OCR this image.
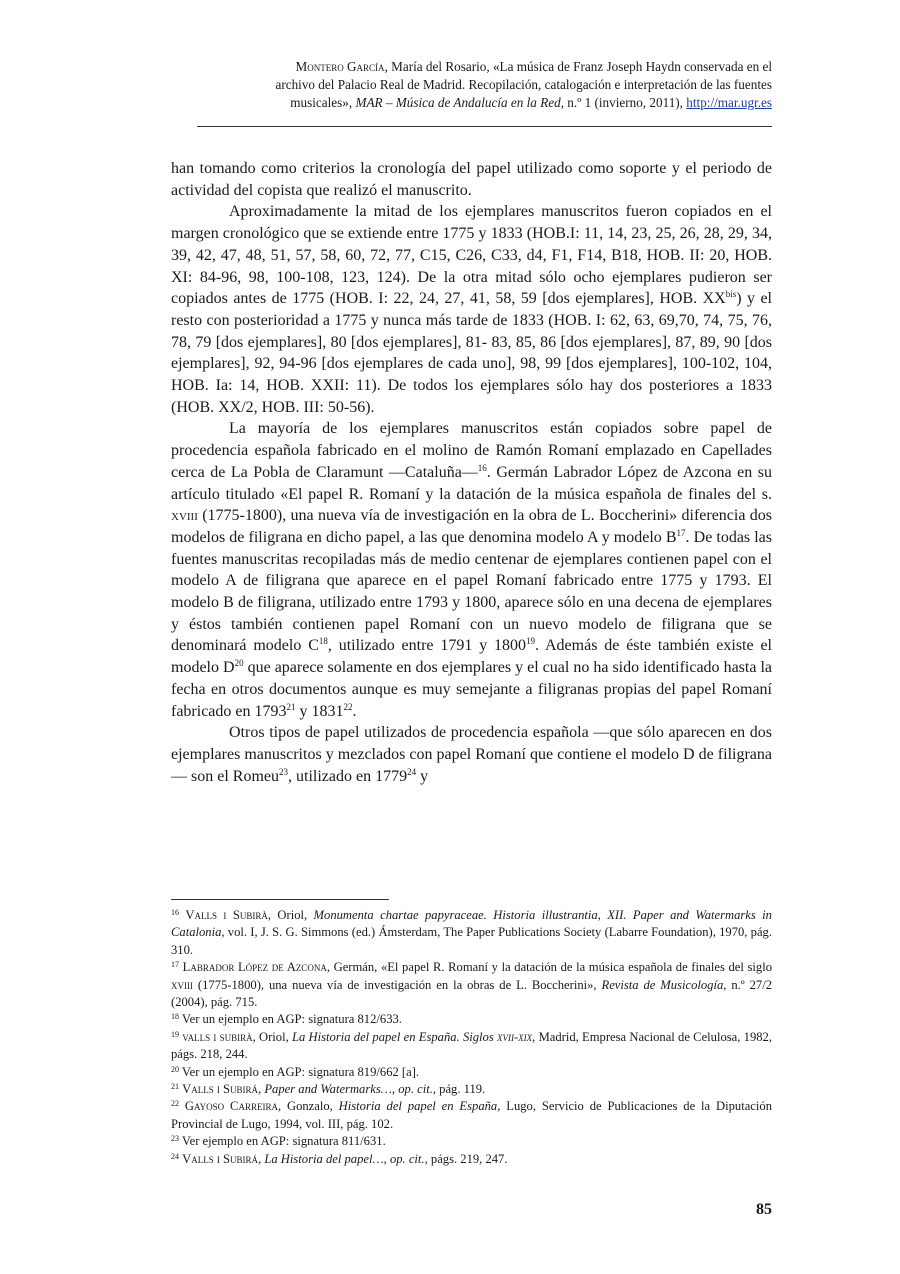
Montero García, María del Rosario, «La música de Franz Joseph Haydn conservada en el
archivo del Palacio Real de Madrid. Recopilación, catalogación e interpretación de las fuentes
musicales», MAR – Música de Andalucía en la Red, n.º 1 (invierno, 2011), http://mar.ugr.es

han tomando como criterios la cronología del papel utilizado como soporte y el periodo de actividad del copista que realizó el manuscrito.

Aproximadamente la mitad de los ejemplares manuscritos fueron copiados en el margen cronológico que se extiende entre 1775 y 1833 (HOB.I: 11, 14, 23, 25, 26, 28, 29, 34, 39, 42, 47, 48, 51, 57, 58, 60, 72, 77, C15, C26, C33, d4, F1, F14, B18, HOB. II: 20, HOB. XI: 84-96, 98, 100-108, 123, 124). De la otra mitad sólo ocho ejemplares pudieron ser copiados antes de 1775 (HOB. I: 22, 24, 27, 41, 58, 59 [dos ejemplares], HOB. $XX^{bis}$) y el resto con posterioridad a 1775 y nunca más tarde de 1833 (HOB. I: 62, 63, 69,70, 74, 75, 76, 78, 79 [dos ejemplares], 80 [dos ejemplares], 81- 83, 85, 86 [dos ejemplares], 87, 89, 90 [dos ejemplares], 92, 94-96 [dos ejemplares de cada uno], 98, 99 [dos ejemplares], 100-102, 104, HOB. Ia: 14, HOB. XXII: 11). De todos los ejemplares sólo hay dos posteriores a 1833 (HOB. XX/2, HOB. III: 50-56).

La mayoría de los ejemplares manuscritos están copiados sobre papel de procedencia española fabricado en el molino de Ramón Romaní emplazado en Capellades cerca de La Pobla de Claramunt —Cataluña—$^{16}$. Germán Labrador López de Azcona en su artículo titulado «El papel R. Romaní y la datación de la música española de finales del s. xviii (1775-1800), una nueva vía de investigación en la obra de L. Boccherini» diferencia dos modelos de filigrana en dicho papel, a las que denomina modelo A y modelo $B^{17}$. De todas las fuentes manuscritas recopiladas más de medio centenar de ejemplares contienen papel con el modelo A de filigrana que aparece en el papel Romaní fabricado entre 1775 y 1793. El modelo B de filigrana, utilizado entre 1793 y 1800, aparece sólo en una decena de ejemplares y éstos también contienen papel Romaní con un nuevo modelo de filigrana que se denominará modelo $C^{18}$, utilizado entre 1791 y 1800$^{19}$. Además de éste también existe el modelo $D^{20}$ que aparece solamente en dos ejemplares y el cual no ha sido identificado hasta la fecha en otros documentos aunque es muy semejante a filigranas propias del papel Romaní fabricado en 1793$^{21}$ y 1831$^{22}$.

Otros tipos de papel utilizados de procedencia española —que sólo aparecen en dos ejemplares manuscritos y mezclados con papel Romaní que contiene el modelo D de filigrana— son el Romeu$^{23}$, utilizado en 1779$^{24}$ y

$^{16}$ Valls i Subirà, Oriol, Monumenta chartae papyraceae. Historia illustrantia, XII. Paper and Watermarks in Catalonia, vol. I, J. S. G. Simmons (ed.) Ámsterdam, The Paper Publications Society (Labarre Foundation), 1970, pág. 310.

$^{17}$ Labrador López de Azcona, Germán, «El papel R. Romaní y la datación de la música española de finales del siglo xviii (1775-1800), una nueva vía de investigación en la obras de L. Boccherini», Revista de Musicología, n.º 27/2 (2004), pág. 715.

$^{18}$ Ver un ejemplo en AGP: signatura 812/633.

$^{19}$ valls i subirà, Oriol, La Historia del papel en España. Siglos xvii-xix, Madrid, Empresa Nacional de Celulosa, 1982, págs. 218, 244.

$^{20}$ Ver un ejemplo en AGP: signatura 819/662 [a].

$^{21}$ Valls i Subirá, Paper and Watermarks…, op. cit., pág. 119.

$^{22}$ Gayoso Carreira, Gonzalo, Historia del papel en España, Lugo, Servicio de Publicaciones de la Diputación Provincial de Lugo, 1994, vol. III, pág. 102.

$^{23}$ Ver ejemplo en AGP: signatura 811/631.

$^{24}$ Valls i Subirá, La Historia del papel…, op. cit., págs. 219, 247.

85
